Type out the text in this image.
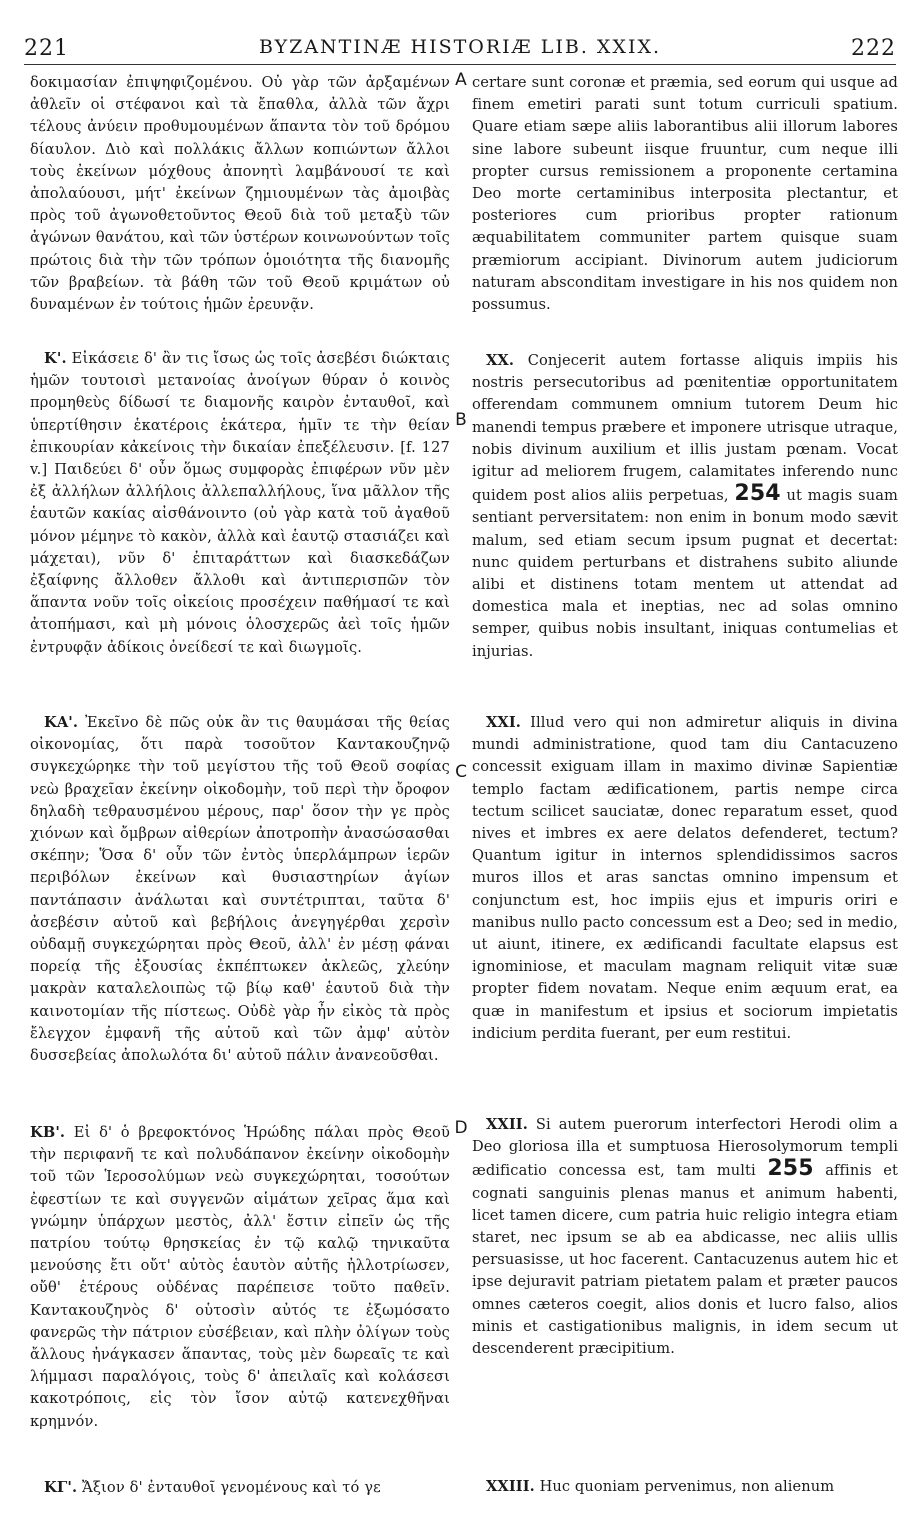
221	BYZANTINÆ HISTORIÆ LIB. XXIX.	222

δοκιμασίαν ἐπιψηφιζομένου. Οὐ γὰρ τῶν ἀρξαμένων ἀθλεῖν οἱ στέφανοι καὶ τὰ ἔπαθλα, ἀλλὰ τῶν ἄχρι τέλους ἀνύειν προθυμουμένων ἅπαντα τὸν τοῦ δρόμου δίαυλον. Διὸ καὶ πολλάκις ἄλλων κοπιώντων ἄλλοι τοὺς ἐκείνων μόχθους ἀπονητὶ λαμβάνουσί τε καὶ ἀπολαύουσι, μήτ' ἐκείνων ζημιουμένων τὰς ἀμοιβὰς πρὸς τοῦ ἀγωνοθετοῦντος Θεοῦ διὰ τοῦ μεταξὺ τῶν ἀγώνων θανάτου, καὶ τῶν ὑστέρων κοινωνούντων τοῖς πρώτοις διὰ τὴν τῶν τρόπων ὁμοιότητα τῆς διανομῆς τῶν βραβείων. τὰ βάθη τῶν τοῦ Θεοῦ κριμάτων οὐ δυναμένων ἐν τούτοις ἡμῶν ἐρευνᾷν.

Κ'. Εἰκάσειε δ' ἂν τις ἴσως ὡς τοῖς ἀσεβέσι διώκταις ἡμῶν τουτοισὶ μετανοίας ἀνοίγων θύραν ὁ κοινὸς προμηθεὺς δίδωσί τε διαμονῆς καιρὸν ἐνταυθοῖ, καὶ ὑπερτίθησιν ἑκατέροις ἑκάτερα, ἡμῖν τε τὴν θείαν ἐπικουρίαν κἀκείνοις τὴν δικαίαν ἐπεξέλευσιν. [f. 127 v.] Παιδεύει δ' οὖν ὅμως συμφορὰς ἐπιφέρων νῦν μὲν ἐξ ἀλλήλων ἀλλήλοις ἀλλεπαλλήλους, ἵνα μᾶλλον τῆς ἑαυτῶν κακίας αἰσθάνοιντο (οὐ γὰρ κατὰ τοῦ ἀγαθοῦ μόνον μέμηνε τὸ κακὸν, ἀλλὰ καὶ ἑαυτῷ στασιάζει καὶ μάχεται), νῦν δ' ἐπιταράττων καὶ διασκεδάζων ἐξαίφνης ἄλλοθεν ἄλλοθι καὶ ἀντιπερισπῶν τὸν ἅπαντα νοῦν τοῖς οἰκείοις προσέχειν παθήμασί τε καὶ ἀτοπήμασι, καὶ μὴ μόνοις ὁλοσχερῶς ἀεὶ τοῖς ἡμῶν ἐντρυφᾷν ἀδίκοις ὀνείδεσί τε καὶ διωγμοῖς.

ΚΑ'. Ἐκεῖνο δὲ πῶς οὐκ ἂν τις θαυμάσαι τῆς θείας οἰκονομίας, ὅτι παρὰ τοσοῦτον Καντακουζηνῷ συγκεχώρηκε τὴν τοῦ μεγίστου τῆς τοῦ Θεοῦ σοφίας νεὼ βραχεῖαν ἐκείνην οἰκοδομὴν, τοῦ περὶ τὴν ὄροφον δηλαδὴ τεθραυσμένου μέρους, παρ' ὅσον τὴν γε πρὸς χιόνων καὶ ὄμβρων αἰθερίων ἀποτροπὴν ἀνασώσασθαι σκέπην; Ὅσα δ' οὖν τῶν ἐντὸς ὑπερλάμπρων ἱερῶν περιβόλων ἐκείνων καὶ θυσιαστηρίων ἁγίων παντάπασιν ἀνάλωται καὶ συντέτριπται, ταῦτα δ' ἀσεβέσιν αὐτοῦ καὶ βεβήλοις ἀνεγηγέρθαι χερσὶν οὐδαμῇ συγκεχώρηται πρὸς Θεοῦ, ἀλλ' ἐν μέσῃ φάναι πορείᾳ τῆς ἐξουσίας ἐκπέπτωκεν ἀκλεῶς, χλεύην μακρὰν καταλελοιπὼς τῷ βίῳ καθ' ἑαυτοῦ διὰ τὴν καινοτομίαν τῆς πίστεως. Οὐδὲ γὰρ ἦν εἰκὸς τὰ πρὸς ἔλεγχον ἐμφανῆ τῆς αὐτοῦ καὶ τῶν ἀμφ' αὐτὸν δυσσεβείας ἀπολωλότα δι' αὐτοῦ πάλιν ἀνανεοῦσθαι.

ΚΒ'. Εἰ δ' ὁ βρεφοκτόνος Ἡρώδης πάλαι πρὸς Θεοῦ τὴν περιφανῆ τε καὶ πολυδάπανον ἐκείνην οἰκοδομὴν τοῦ τῶν Ἱεροσολύμων νεὼ συγκεχώρηται, τοσούτων ἐφεστίων τε καὶ συγγενῶν αἱμάτων χεῖρας ἅμα καὶ γνώμην ὑπάρχων μεστὸς, ἀλλ' ἔστιν εἰπεῖν ὡς τῆς πατρίου τούτῳ θρησκείας ἐν τῷ καλῷ τηνικαῦτα μενούσης ἔτι οὔτ' αὐτὸς ἑαυτὸν αὐτῆς ἠλλοτρίωσεν, οὔθ' ἑτέρους οὐδένας παρέπεισε τοῦτο παθεῖν. Καντακουζηνὸς δ' οὑτοσὶν αὐτός τε ἐξωμόσατο φανερῶς τὴν πάτριον εὐσέβειαν, καὶ πλὴν ὀλίγων τοὺς ἄλλους ἠνάγκασεν ἅπαντας, τοὺς μὲν δωρεαῖς τε καὶ λήμμασι παραλόγοις, τοὺς δ' ἀπειλαῖς καὶ κολάσεσι κακοτρόποις, εἰς τὸν ἴσον αὐτῷ κατενεχθῆναι κρημνόν.

ΚΓ'. Ἄξιον δ' ἐνταυθοῖ γενομένους καὶ τό γε

A
B
C
D

certare sunt coronæ et præmia, sed eorum qui usque ad finem emetiri parati sunt totum curriculi spatium. Quare etiam sæpe aliis laborantibus alii illorum labores sine labore subeunt iisque fruuntur, cum neque illi propter cursus remissionem a proponente certamina Deo morte certaminibus interposita plectantur, et posteriores cum prioribus propter rationum æquabilitatem communiter partem quisque suam præmiorum accipiant. Divinorum autem judiciorum naturam absconditam investigare in his nos quidem non possumus.

XX. Conjecerit autem fortasse aliquis impiis his nostris persecutoribus ad pœnitentiæ opportunitatem offerendam communem omnium tutorem Deum hic manendi tempus præbere et imponere utrisque utraque, nobis divinum auxilium et illis justam pœnam. Vocat igitur ad meliorem frugem, calamitates inferendo nunc quidem post alios aliis perpetuas, 254 ut magis suam sentiant perversitatem: non enim in bonum modo sævit malum, sed etiam secum ipsum pugnat et decertat: nunc quidem perturbans et distrahens subito aliunde alibi et distinens totam mentem ut attendat ad domestica mala et ineptias, nec ad solas omnino semper, quibus nobis insultant, iniquas contumelias et injurias.

XXI. Illud vero qui non admiretur aliquis in divina mundi administratione, quod tam diu Cantacuzeno concessit exiguam illam in maximo divinæ Sapientiæ templo factam ædificationem, partis nempe circa tectum scilicet sauciatæ, donec reparatum esset, quod nives et imbres ex aere delatos defenderet, tectum? Quantum igitur in internos splendidissimos sacros muros illos et aras sanctas omnino impensum et conjunctum est, hoc impiis ejus et impuris oriri e manibus nullo pacto concessum est a Deo; sed in medio, ut aiunt, itinere, ex ædificandi facultate elapsus est ignominiose, et maculam magnam reliquit vitæ suæ propter fidem novatam. Neque enim æquum erat, ea quæ in manifestum et ipsius et sociorum impietatis indicium perdita fuerant, per eum restitui.

XXII. Si autem puerorum interfectori Herodi olim a Deo gloriosa illa et sumptuosa Hierosolymorum templi ædificatio concessa est, tam multi 255 affinis et cognati sanguinis plenas manus et animum habenti, licet tamen dicere, cum patria huic religio integra etiam staret, nec ipsum se ab ea abdicasse, nec aliis ullis persuasisse, ut hoc facerent. Cantacuzenus autem hic et ipse dejuravit patriam pietatem palam et præter paucos omnes cæteros coegit, alios donis et lucro falso, alios minis et castigationibus malignis, in idem secum ut descenderent præcipitium.

XXIII. Huc quoniam pervenimus, non alienum
